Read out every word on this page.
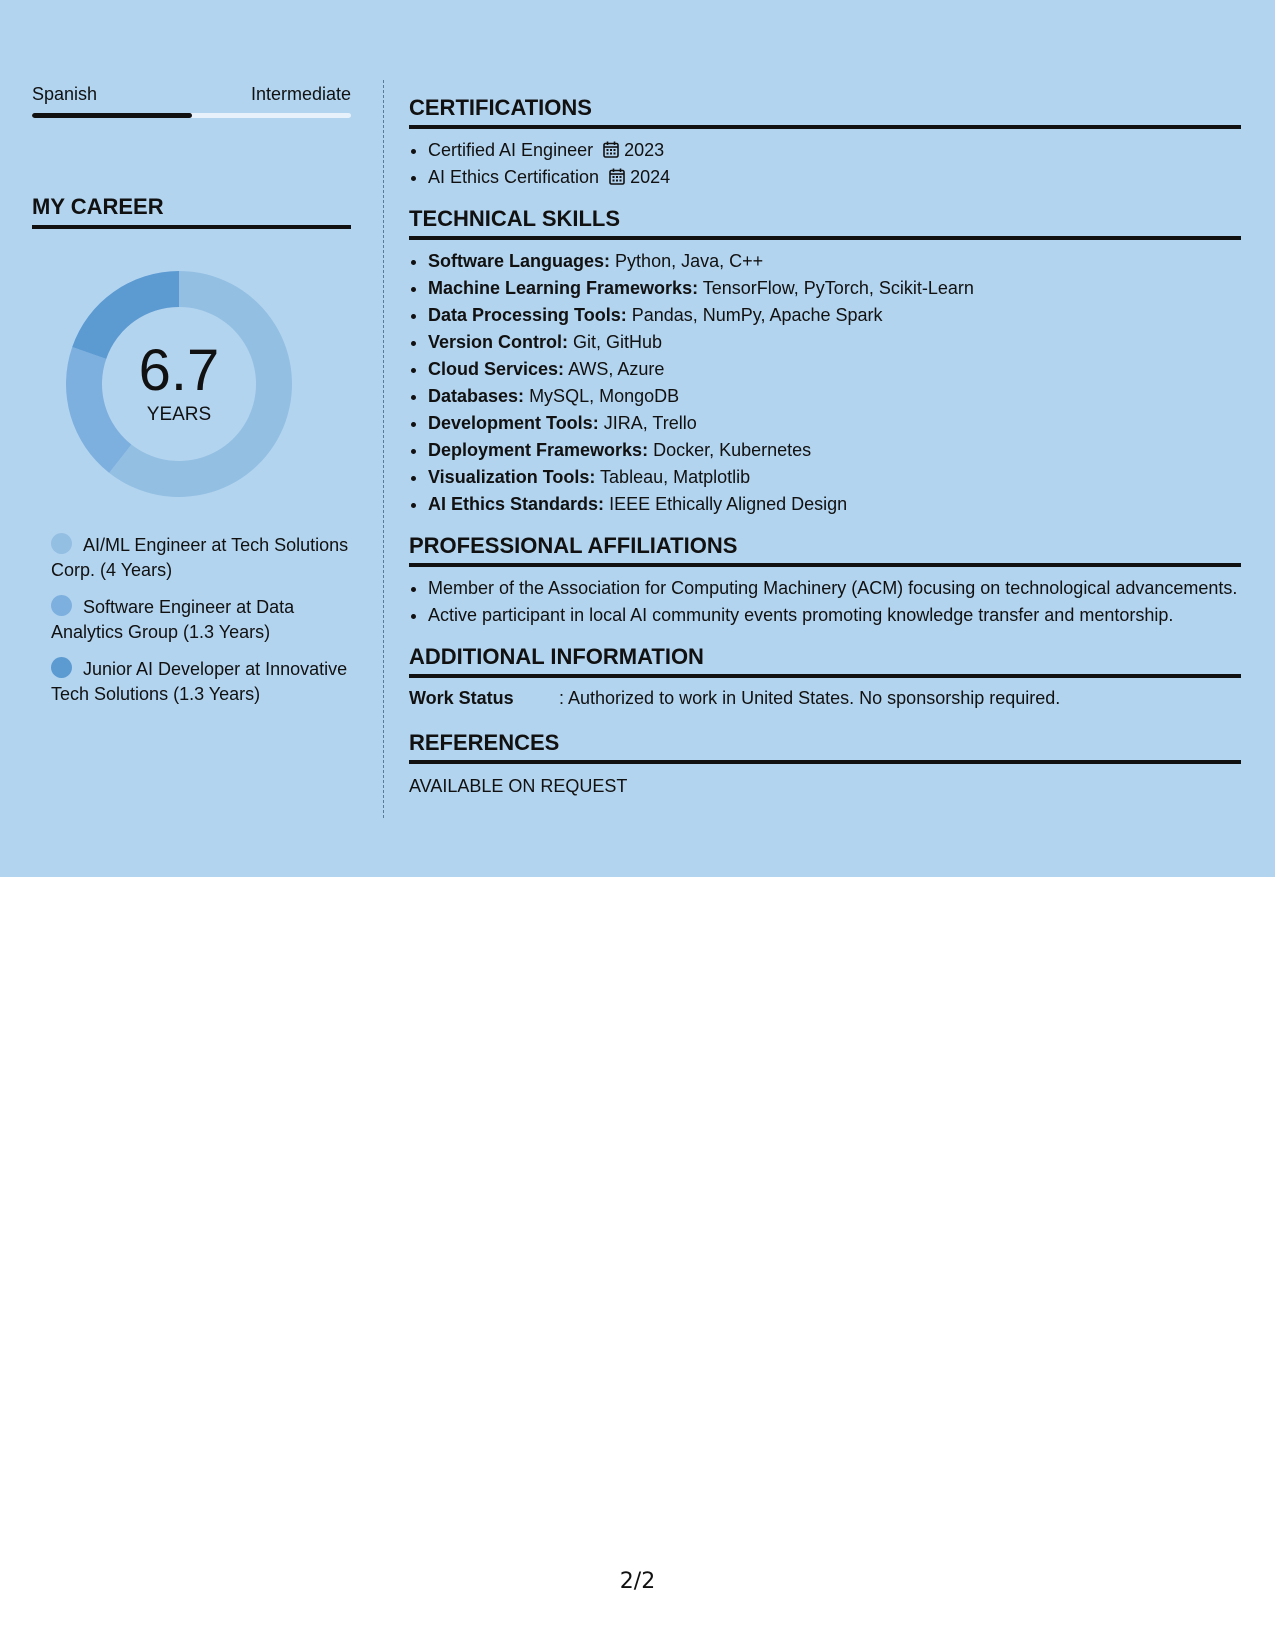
Spanish	Intermediate
MY CAREER
6.7
YEARS
AI/ML Engineer at Tech Solutions Corp. (4 Years)
Software Engineer at Data Analytics Group (1.3 Years)
Junior AI Developer at Innovative Tech Solutions (1.3 Years)
CERTIFICATIONS
• Certified AI Engineer 2023
• AI Ethics Certification 2024
TECHNICAL SKILLS
• Software Languages: Python, Java, C++
• Machine Learning Frameworks: TensorFlow, PyTorch, Scikit-Learn
• Data Processing Tools: Pandas, NumPy, Apache Spark
• Version Control: Git, GitHub
• Cloud Services: AWS, Azure
• Databases: MySQL, MongoDB
• Development Tools: JIRA, Trello
• Deployment Frameworks: Docker, Kubernetes
• Visualization Tools: Tableau, Matplotlib
• AI Ethics Standards: IEEE Ethically Aligned Design
PROFESSIONAL AFFILIATIONS
• Member of the Association for Computing Machinery (ACM) focusing on technological advancements.
• Active participant in local AI community events promoting knowledge transfer and mentorship.
ADDITIONAL INFORMATION
Work Status	: Authorized to work in United States. No sponsorship required.
REFERENCES
AVAILABLE ON REQUEST
2/2
